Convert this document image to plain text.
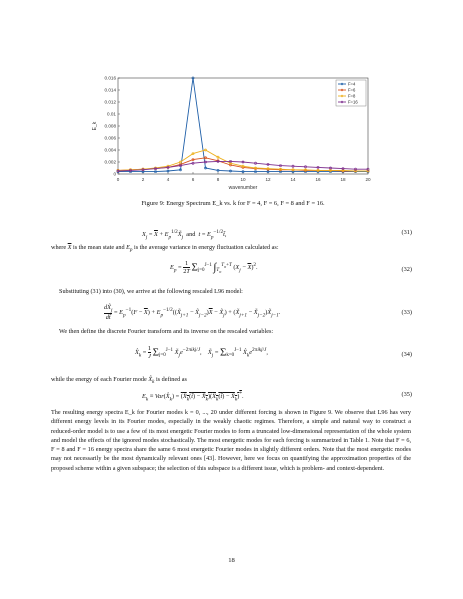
0	2	4	6	8	10	12	14	16	18	20
0
0.002
0.004
0.006
0.008
0.01
0.012
0.014
0.016
wavenumber
E_k
F=4
F=6
F=8
F=16
Figure 9: Energy Spectrum E_k vs. k for F = 4, F = 6, F = 8 and F = 16.
$X_j = \overline{X}$ + $E_p^{1/2}X̃_j$  and  $t = E_p^{-1/2}t̃$,	(31)
where $\overline{X}$ is the mean state and $E_p$ is the average variance in energy fluctuation calculated as:
$E_p = \frac{1}{2T} \Sigma_{j=0}^{J-1}$ $\int_{T_o}^{T_o+T}$ $(X_j - \overline{X})^2$.	(32)
Substituting (31) into (30), we arrive at the following rescaled L96 model:
$\frac{dX̃_j}{dt̃} = E_p^{-1}(F - \overline{X})$ + $E_p^{-1/2}((X̃_{j+1}$ − $X̃_{j-2})\overline{X}$ − $X̃_j$) + ($X̃_{j+1}$ − $X̃_{j-2})X̃_{j-1}$.	(33)
We then define the discrete Fourier transform and its inverse on the rescaled variables:
$X̂_k = \frac{1}{J} \Sigma_{j=0}^{J-1}$ $X̃_je^{-2\pi ikj/J}$,    $X̃_j = \Sigma_{k=0}^{J-1}$ $X̂_ke^{2\pi ikj/J}$,	(34)
while the energy of each Fourier mode $X̂_k$ is defined as
$E_k$ ≡ $Var(X̂_k)$ = ($X̂_k(t̃)$ − $X̄_k)(X̂_k(t̃)$ − $X̄_k)^*$.	(35)
The resulting energy spectra E_k for Fourier modes k = 0, ..., 20 under different forcing is shown in Figure 9. We observe that L96 has very different energy levels in its Fourier modes, especially in the weakly chaotic regimes. Therefore, a simple and natural way to construct a reduced-order model is to use a few of its most energetic Fourier modes to form a truncated low-dimensional representation of the whole system and model the effects of the ignored modes stochastically. The most energetic modes for each forcing is summarized in Table 1. Note that F = 6, F = 8 and F = 16 energy spectra share the same 6 most energetic Fourier modes in slightly different orders. Note that the most energetic modes may not necessarily be the most dynamically relevant ones [43]. However, here we focus on quantifying the approximation properties of the proposed scheme within a given subspace; the selection of this subspace is a different issue, which is problem- and context-dependent.
18
